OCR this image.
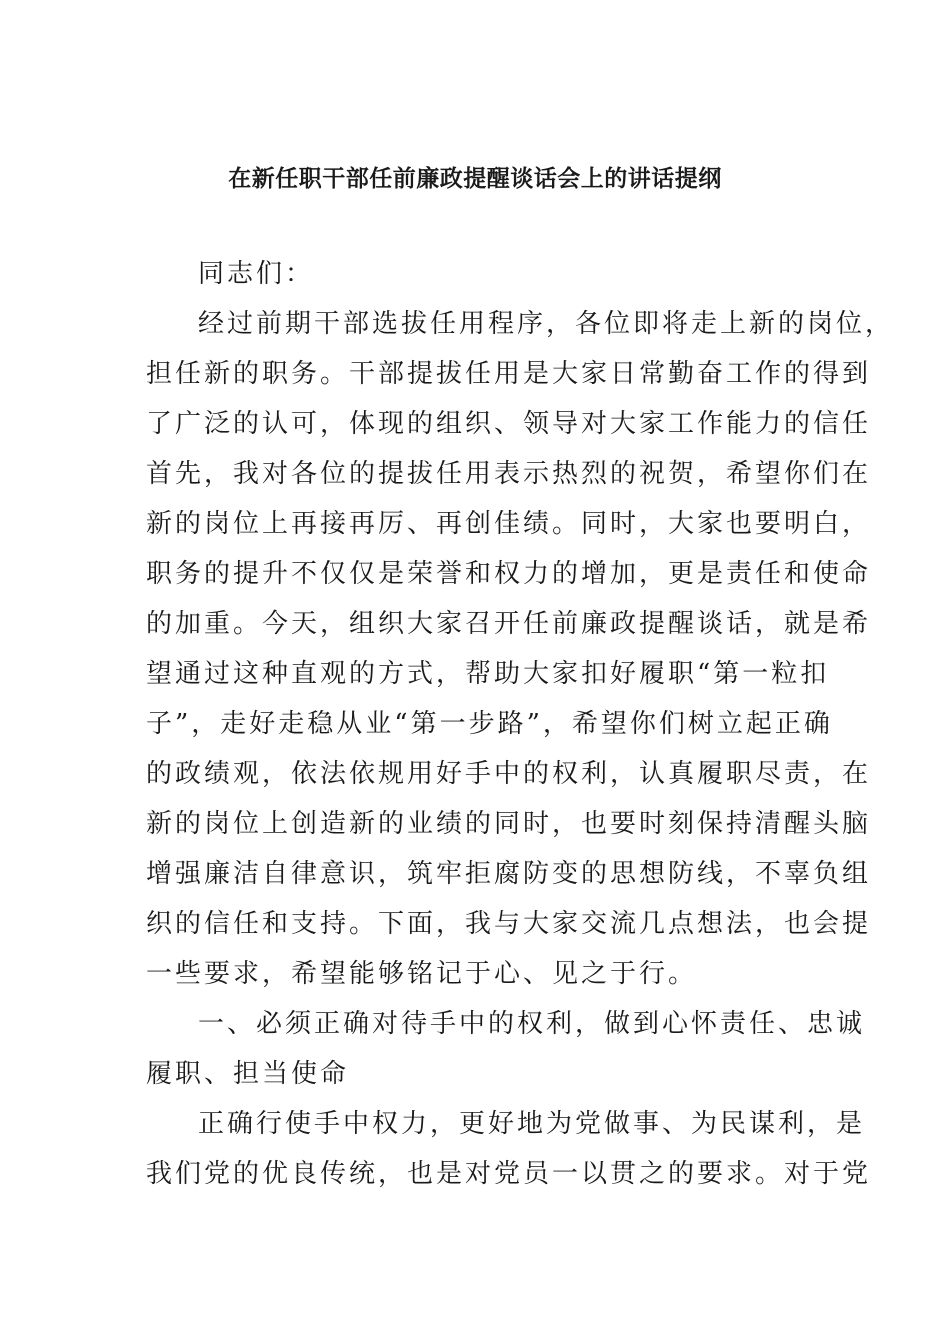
在新任职干部任前廉政提醒谈话会上的讲话提纲
同志们：
经过前期干部选拔任用程序，各位即将走上新的岗位，
担任新的职务。干部提拔任用是大家日常勤奋工作的得到
了广泛的认可，体现的组织、领导对大家工作能力的信任
首先，我对各位的提拔任用表示热烈的祝贺，希望你们在
新的岗位上再接再厉、再创佳绩。同时，大家也要明白，
职务的提升不仅仅是荣誉和权力的增加，更是责任和使命
的加重。今天，组织大家召开任前廉政提醒谈话，就是希
望通过这种直观的方式，帮助大家扣好履职“第一粒扣
子”，走好走稳从业“第一步路”，希望你们树立起正确
的政绩观，依法依规用好手中的权利，认真履职尽责，在
新的岗位上创造新的业绩的同时，也要时刻保持清醒头脑
增强廉洁自律意识，筑牢拒腐防变的思想防线，不辜负组
织的信任和支持。下面，我与大家交流几点想法，也会提
一些要求，希望能够铭记于心、见之于行。
一、必须正确对待手中的权利，做到心怀责任、忠诚
履职、担当使命
正确行使手中权力，更好地为党做事、为民谋利，是
我们党的优良传统，也是对党员一以贯之的要求。对于党
